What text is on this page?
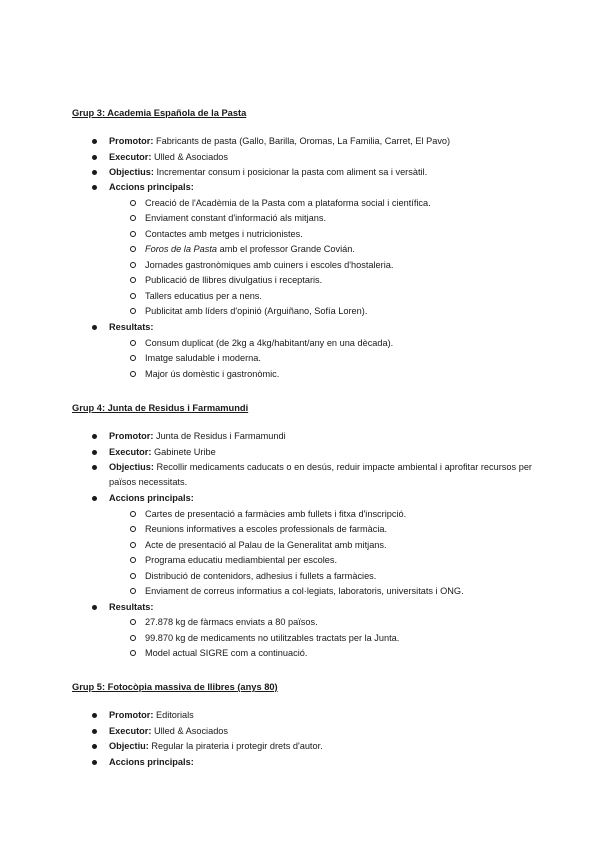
Grup 3: Academia Española de la Pasta
Promotor: Fabricants de pasta (Gallo, Barilla, Oromas, La Familia, Carret, El Pavo)
Executor: Ulled & Asociados
Objectius: Incrementar consum i posicionar la pasta com aliment sa i versàtil.
Accions principals:
Creació de l'Acadèmia de la Pasta com a plataforma social i científica.
Enviament constant d'informació als mitjans.
Contactes amb metges i nutricionistes.
Foros de la Pasta amb el professor Grande Covián.
Jornades gastronòmiques amb cuiners i escoles d'hostaleria.
Publicació de llibres divulgatius i receptaris.
Tallers educatius per a nens.
Publicitat amb líders d'opinió (Arguiñano, Sofía Loren).
Resultats:
Consum duplicat (de 2kg a 4kg/habitant/any en una dècada).
Imatge saludable i moderna.
Major ús domèstic i gastronòmic.
Grup 4: Junta de Residus i Farmamundi
Promotor: Junta de Residus i Farmamundi
Executor: Gabinete Uribe
Objectius: Recollir medicaments caducats o en desús, reduir impacte ambiental i aprofitar recursos per països necessitats.
Accions principals:
Cartes de presentació a farmàcies amb fullets i fitxa d'inscripció.
Reunions informatives a escoles professionals de farmàcia.
Acte de presentació al Palau de la Generalitat amb mitjans.
Programa educatiu mediambiental per escoles.
Distribució de contenidors, adhesius i fullets a farmàcies.
Enviament de correus informatius a col·legiats, laboratoris, universitats i ONG.
Resultats:
27.878 kg de fàrmacs enviats a 80 països.
99.870 kg de medicaments no utilitzables tractats per la Junta.
Model actual SIGRE com a continuació.
Grup 5: Fotocòpia massiva de llibres (anys 80)
Promotor: Editorials
Executor: Ulled & Asociados
Objectiu: Regular la pirateria i protegir drets d'autor.
Accions principals:
